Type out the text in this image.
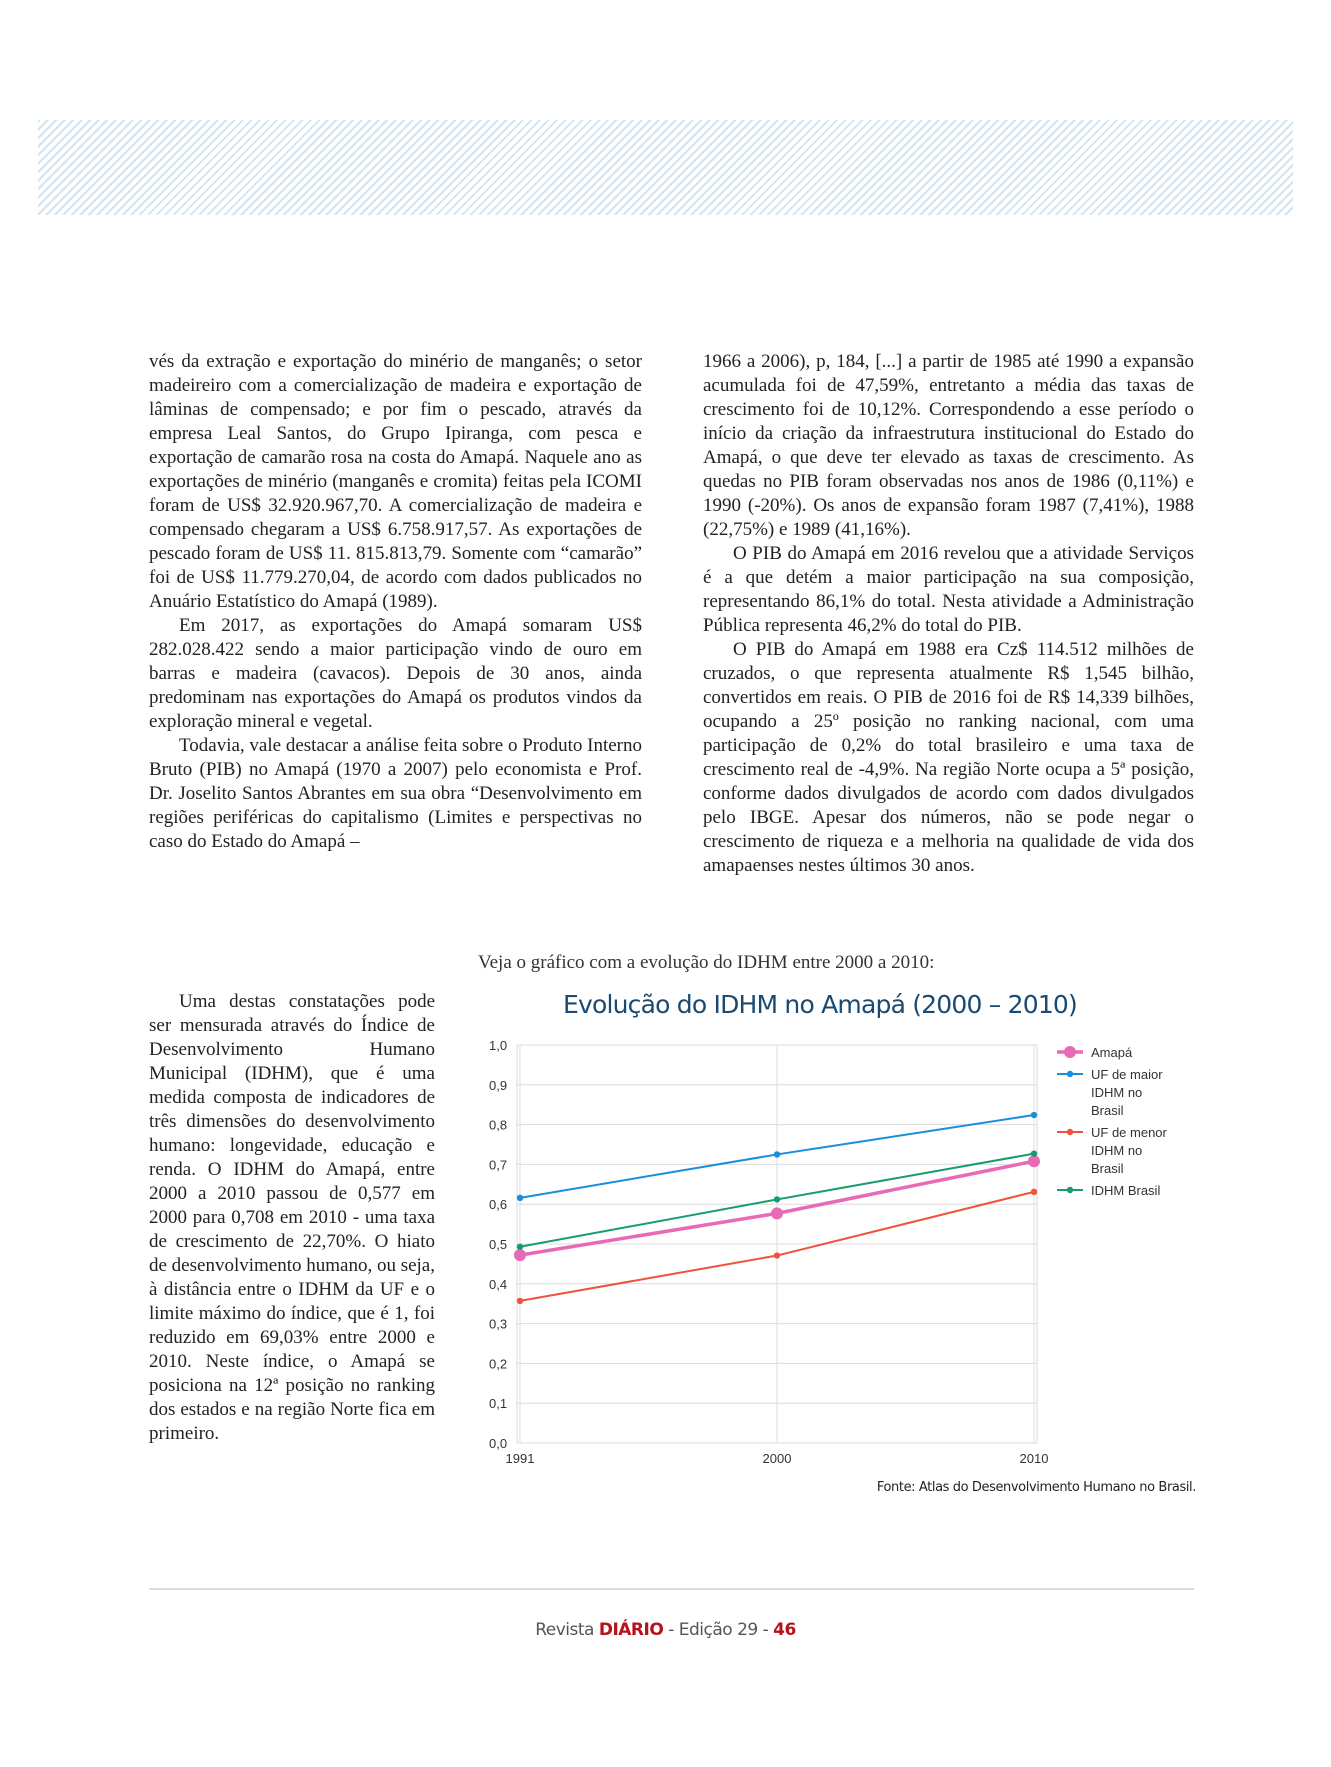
vés da extração e exportação do minério de manganês; o setor madeireiro com a comercialização de madeira e exportação de lâminas de compensado; e por fim o pescado, através da empresa Leal Santos, do Grupo Ipiranga, com pesca e exportação de camarão rosa na costa do Amapá. Naquele ano as exportações de minério (manganês e cromita) feitas pela ICOMI foram de US$ 32.920.967,70. A comercialização de madeira e compensado chegaram a US$ 6.758.917,57. As exportações de pescado foram de US$ 11. 815.813,79. Somente com “camarão” foi de US$ 11.779.270,04, de acordo com dados publicados no Anuário Estatístico do Amapá (1989).

Em 2017, as exportações do Amapá somaram US$ 282.028.422 sendo a maior participação vindo de ouro em barras e madeira (cavacos). Depois de 30 anos, ainda predominam nas exportações do Amapá os produtos vindos da exploração mineral e vegetal.

Todavia, vale destacar a análise feita sobre o Produto Interno Bruto (PIB) no Amapá (1970 a 2007) pelo economista e Prof. Dr. Joselito Santos Abrantes em sua obra “Desenvolvimento em regiões periféricas do capitalismo (Limites e perspectivas no caso do Estado do Amapá –

1966 a 2006), p, 184, [...] a partir de 1985 até 1990 a expansão acumulada foi de 47,59%, entretanto a média das taxas de crescimento foi de 10,12%. Correspondendo a esse período o início da criação da infraestrutura institucional do Estado do Amapá, o que deve ter elevado as taxas de crescimento. As quedas no PIB foram observadas nos anos de 1986 (0,11%) e 1990 (-20%). Os anos de expansão foram 1987 (7,41%), 1988 (22,75%) e 1989 (41,16%).

O PIB do Amapá em 2016 revelou que a atividade Serviços é a que detém a maior participação na sua composição, representando 86,1% do total. Nesta atividade a Administração Pública representa 46,2% do total do PIB.

O PIB do Amapá em 1988 era Cz$ 114.512 milhões de cruzados, o que representa atualmente R$ 1,545 bilhão, convertidos em reais. O PIB de 2016 foi de R$ 14,339 bilhões, ocupando a 25º posição no ranking nacional, com uma participação de 0,2% do total brasileiro e uma taxa de crescimento real de -4,9%. Na região Norte ocupa a 5ª posição, conforme dados divulgados de acordo com dados divulgados pelo IBGE. Apesar dos números, não se pode negar o crescimento de riqueza e a melhoria na qualidade de vida dos amapaenses nestes últimos 30 anos.

Veja o gráfico com a evolução do IDHM entre 2000 a 2010:

Uma destas constatações pode ser mensurada através do Índice de Desenvolvimento Humano Municipal (IDHM), que é uma medida composta de indicadores de três dimensões do desenvolvimento humano: longevidade, educação e renda. O IDHM do Amapá, entre 2000 a 2010 passou de 0,577 em 2000 para 0,708 em 2010 - uma taxa de crescimento de 22,70%. O hiato de desenvolvimento humano, ou seja, à distância entre o IDHM da UF e o limite máximo do índice, que é 1, foi reduzido em 69,03% entre 2000 e 2010. Neste índice, o Amapá se posiciona na 12ª posição no ranking dos estados e na região Norte fica em primeiro.

Evolução do IDHM no Amapá (2000 – 2010)
0,0
0,1
0,2
0,3
0,4
0,5
0,6
0,7
0,8
0,9
1,0
1991	2000	2010
Amapá
UF de maior IDHM no Brasil
UF de menor IDHM no Brasil
IDHM Brasil
Fonte: Atlas do Desenvolvimento Humano no Brasil.
Revista DIÁRIO - Edição 29 - 46
